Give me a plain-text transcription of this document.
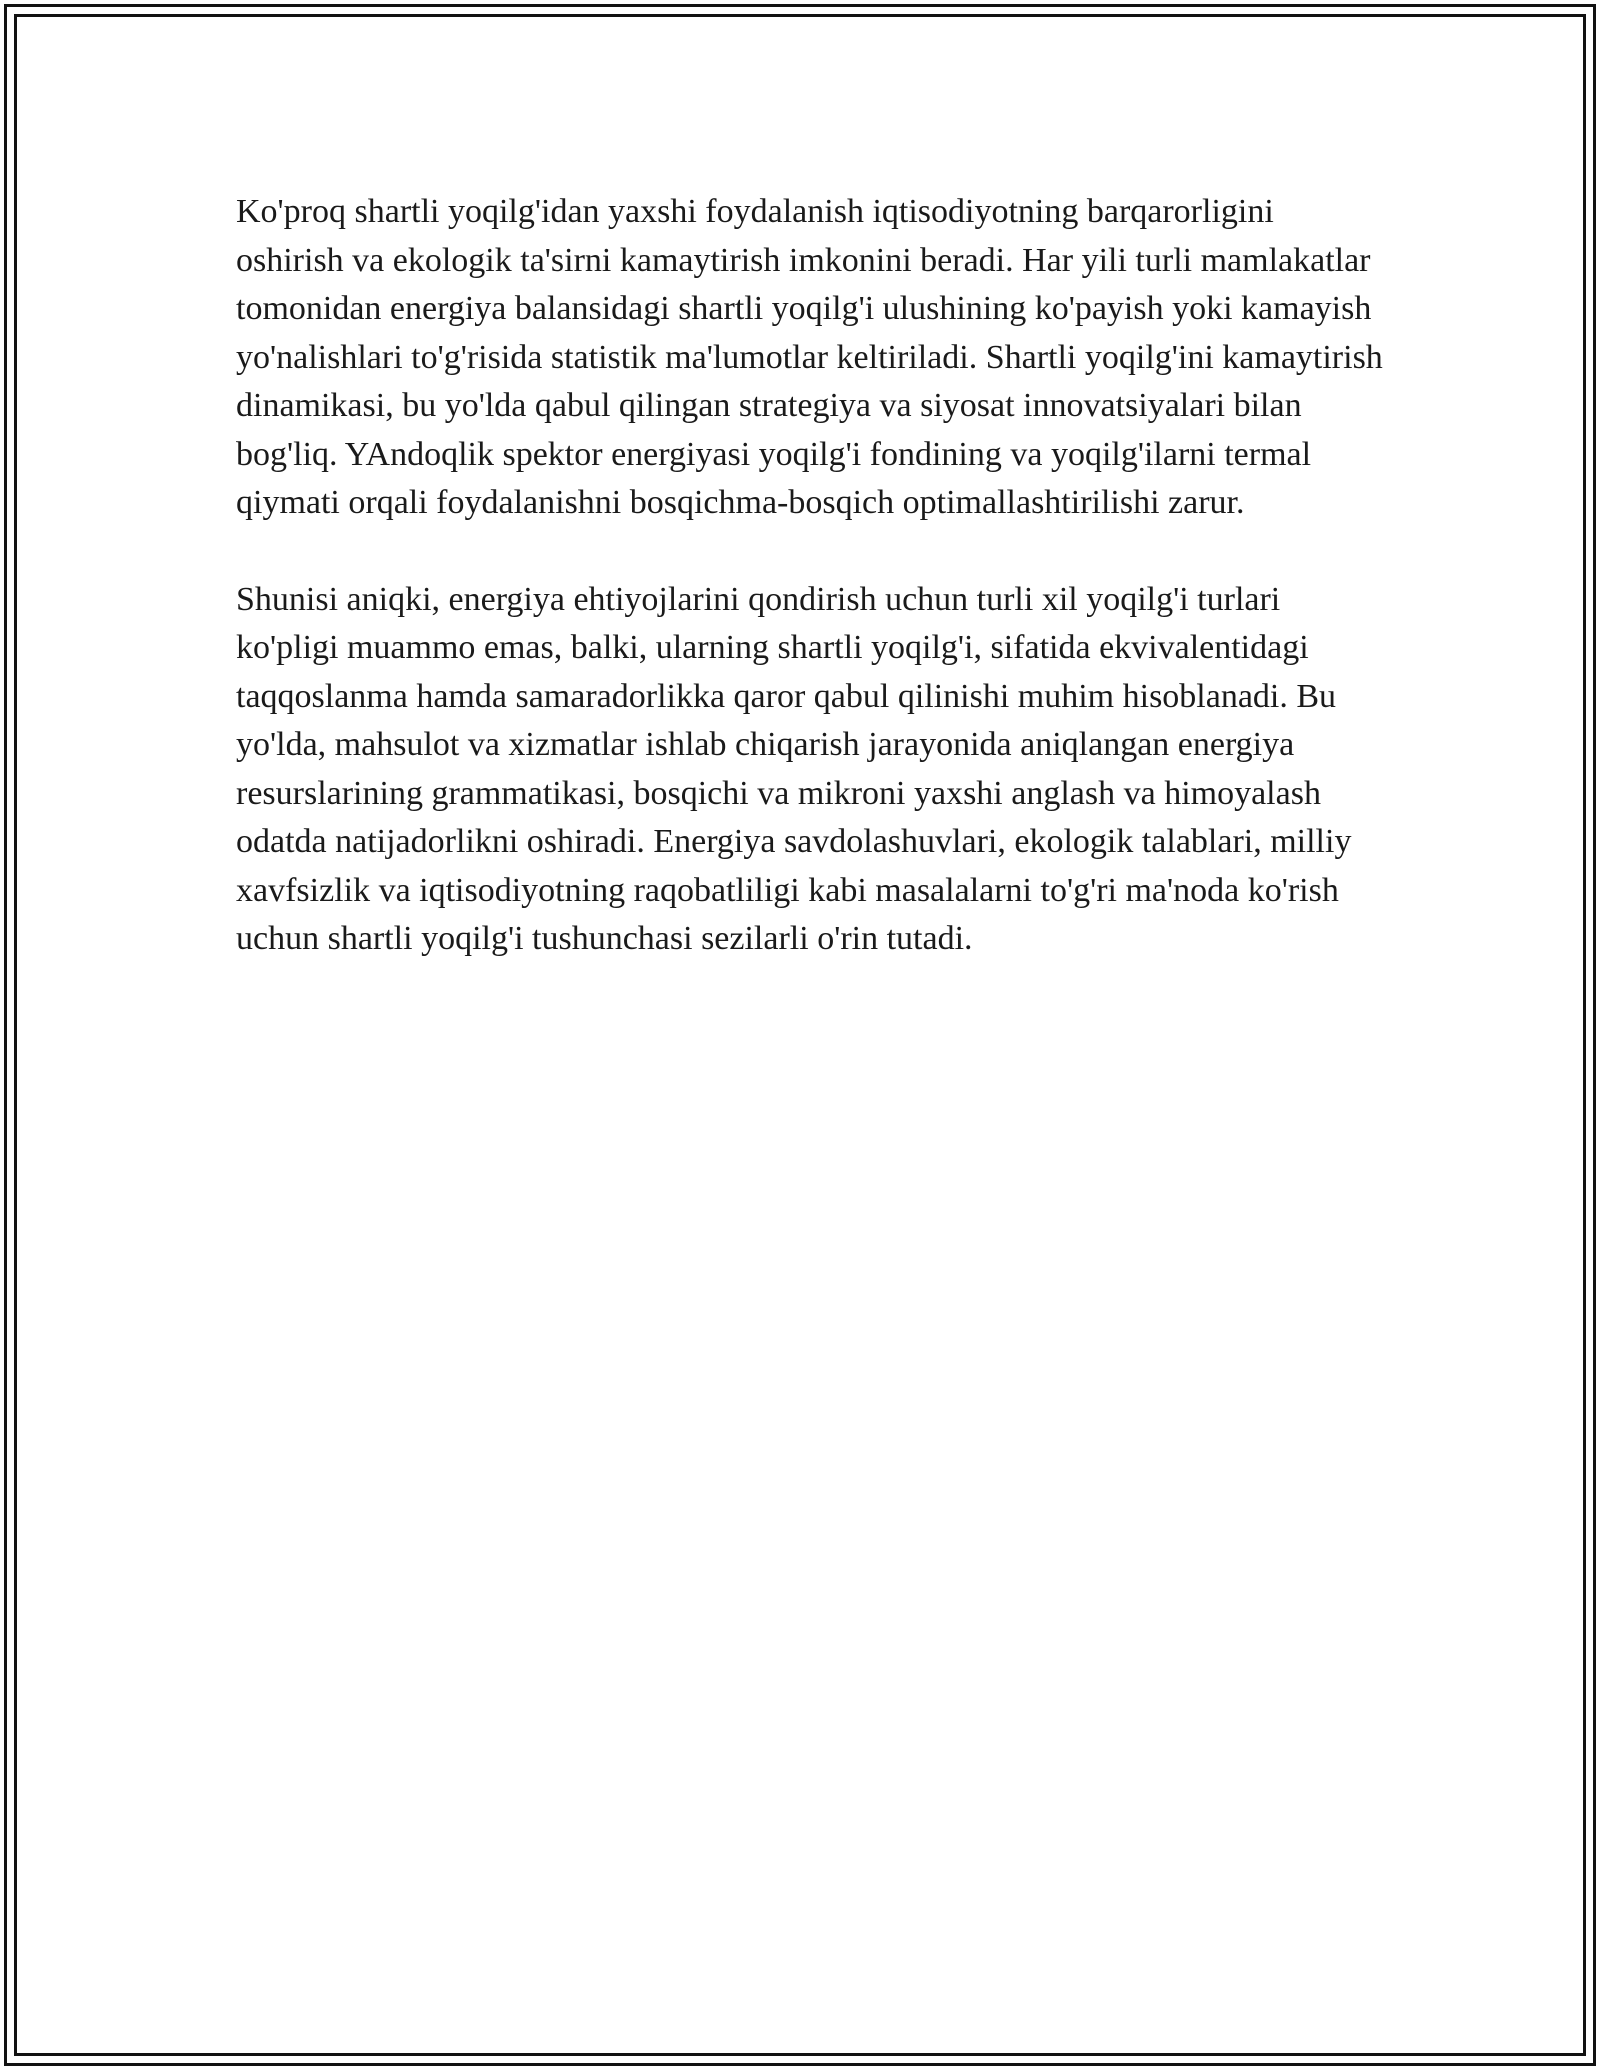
Ko'proq shartli yoqilg'idan yaxshi foydalanish iqtisodiyotning barqarorligini oshirish va ekologik ta'sirni kamaytirish imkonini beradi. Har yili turli mamlakatlar tomonidan energiya balansidagi shartli yoqilg'i ulushining ko'payish yoki kamayish yo'nalishlari to'g'risida statistik ma'lumotlar keltiriladi. Shartli yoqilg'ini kamaytirish dinamikasi, bu yo'lda qabul qilingan strategiya va siyosat innovatsiyalari bilan bog'liq. YAndoqlik spektor energiyasi yoqilg'i fondining va yoqilg'ilarni termal qiymati orqali foydalanishni bosqichma-bosqich optimallashtirilishi zarur.

Shunisi aniqki, energiya ehtiyojlarini qondirish uchun turli xil yoqilg'i turlari ko'pligi muammo emas, balki, ularning shartli yoqilg'i, sifatida ekvivalentidagi taqqoslanma hamda samaradorlikka qaror qabul qilinishi muhim hisoblanadi. Bu yo'lda, mahsulot va xizmatlar ishlab chiqarish jarayonida aniqlangan energiya resurslarining grammatikasi, bosqichi va mikroni yaxshi anglash va himoyalash odatda natijadorlikni oshiradi. Energiya savdolashuvlari, ekologik talablari, milliy xavfsizlik va iqtisodiyotning raqobatliligi kabi masalalarni to'g'ri ma'noda ko'rish uchun shartli yoqilg'i tushunchasi sezilarli o'rin tutadi.
